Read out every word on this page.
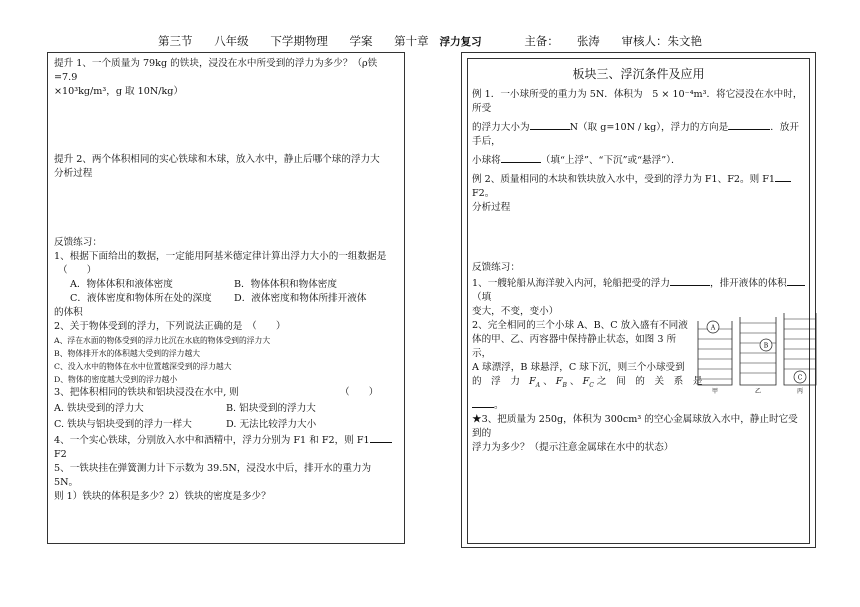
第三节 八年级 下学期物理 学案 第十章 浮力复习	主备： 张涛 审核人：朱文艳
提升 1、一个质量为 79kg 的铁块，浸没在水中所受到的浮力为多少？（ρ铁=7.9
×10³kg/m³，g 取 10N/kg）
提升 2、两个体积相同的实心铁球和木球，放入水中，静止后哪个球的浮力大
分析过程
反馈练习：
1、根据下面给出的数据，一定能用阿基米德定律计算出浮力大小的一组数据是
（　　）
A．物体体积和液体密度	B．物体体积和物体密度
C．液体密度和物体所在处的深度	D．液体密度和物体所排开液体
的体积
2、关于物体受到的浮力，下列说法正确的是　（　　）
A、浮在水面的物体受到的浮力比沉在水底的物体受到的浮力大
B、物体排开水的体积越大受到的浮力越大
C、没入水中的物体在水中位置越深受到的浮力越大
D、物体的密度越大受到的浮力越小
3、把体积相同的铁块和铝块浸没在水中, 则	（　　）
A. 铁块受到的浮力大	B. 铝块受到的浮力大
C. 铁块与铝块受到的浮力一样大	D. 无法比较浮力大小
4、一个实心铁球，分别放入水中和酒精中，浮力分别为 F1 和 F2，则 F1F2
5、一铁块挂在弹簧测力计下示数为 39.5N，浸没水中后，排开水的重力为 5N。
则 1）铁块的体积是多少？2）铁块的密度是多少？
板块三、浮沉条件及应用
例 1．一小球所受的重力为 5N．体积为　5 × 10⁻⁴m³．将它浸没在水中时，所受
的浮力大小为	N（取 g=10N / kg），浮力的方向是	．放开手后，
小球将	（填“上浮”、“下沉”或“悬浮”）．
例 2、质量相同的木块和铁块放入水中，受到的浮力为 F1、F2。则 F1F2。
分析过程
反馈练习：
1、一艘轮船从海洋驶入内河，轮船把受的浮力	，排开液体的体积（填
变大，不变，变小）
2、完全相同的三个小球 A、B、C 放入盛有不同液
体的甲、乙、丙容器中保持静止状态，如图 3 所示，
A 球漂浮，B 球悬浮，C 球下沉，则三个小球受到
的　浮　力 $F_A$ 、 $F_B$ 、 $F_C$ 之　间　的　关　系　是
。
A
B
C
甲	乙	丙
★3、把质量为 250g，体积为 300cm³ 的空心金属球放入水中，静止时它受到的
浮力为多少？（提示注意金属球在水中的状态）
